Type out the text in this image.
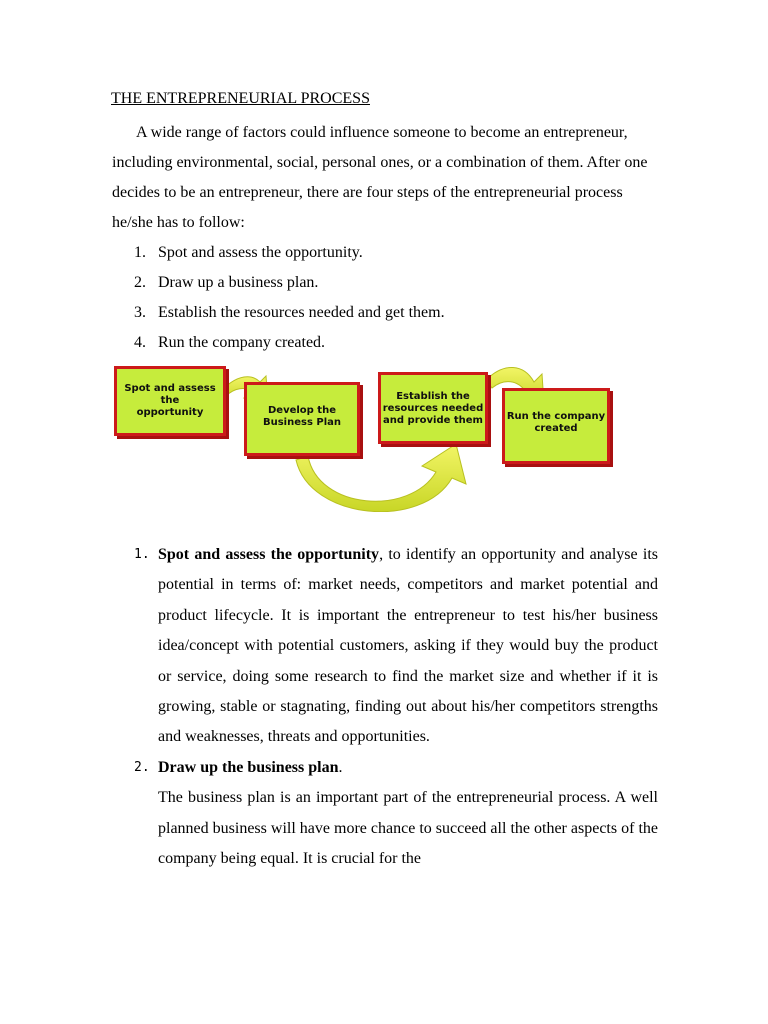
THE ENTREPRENEURIAL PROCESS

A wide range of factors could influence someone to become an entrepreneur, including environmental, social, personal ones, or a combination of them. After one decides to be an entrepreneur, there are four steps of the entrepreneurial process he/she has to follow:

1. Spot and assess the opportunity.
2. Draw up a business plan.
3. Establish the resources needed and get them.
4. Run the company created.
Spot and assess the
opportunity	Develop the
Business Plan
Establish the
resources needed
and provide them Run the company
created
1. Spot and assess the opportunity, to identify an opportunity and analyse its potential in terms of: market needs, competitors and market potential and product lifecycle. It is important the entrepreneur to test his/her business idea/concept with potential customers, asking if they would buy the product or service, doing some research to find the market size and whether if it is growing, stable or stagnating, finding out about his/her competitors strengths and weaknesses, threats and opportunities.
2. Draw up the business plan.
The business plan is an important part of the entrepreneurial process. A well planned business will have more chance to succeed all the other aspects of the company being equal. It is crucial for the
